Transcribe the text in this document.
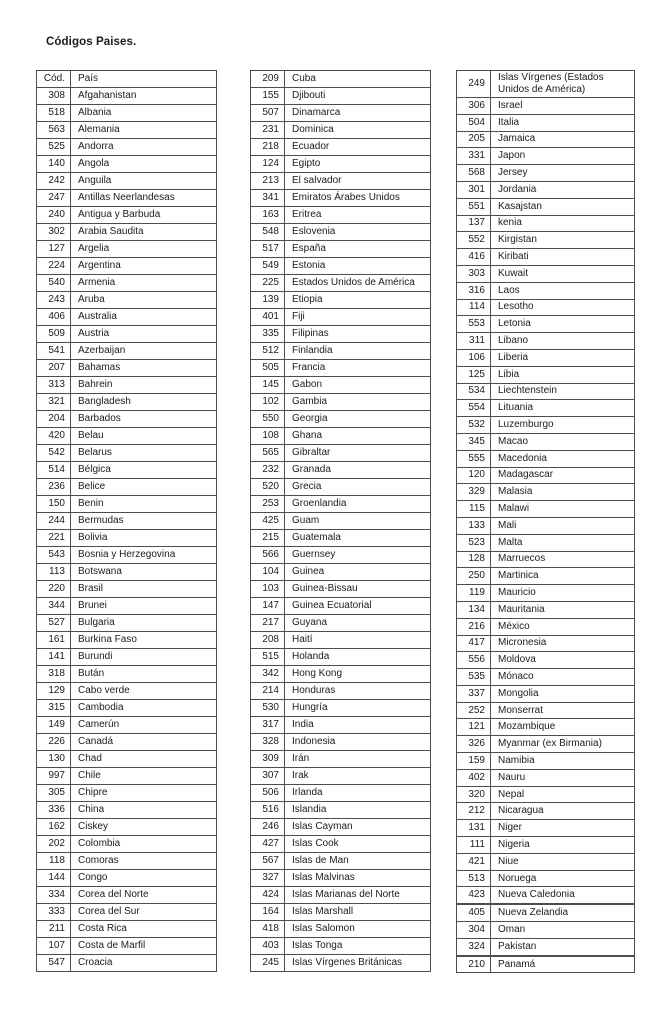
Códigos Paises.
Cód.	País
308	Afgahanistan
518	Albania
563	Alemania
525	Andorra
140	Angola
242	Anguila
247	Antillas Neerlandesas
240	Antigua y Barbuda
302	Arabia Saudita
127	Argelia
224	Argentina
540	Armenia
243	Aruba
406	Australia
509	Austria
541	Azerbaijan
207	Bahamas
313	Bahrein
321	Bangladesh
204	Barbados
420	Belau
542	Belarus
514	Bélgica
236	Belice
150	Benin
244	Bermudas
221	Bolivia
543	Bosnia y Herzegovina
113	Botswana
220	Brasil
344	Brunei
527	Bulgaria
161	Burkina Faso
141	Burundi
318	Bután
129	Cabo verde
315	Cambodia
149	Camerún
226	Canadá
130	Chad
997	Chile
305	Chipre
336	China
162	Ciskey
202	Colombia
118	Comoras
144	Congo
334	Corea del Norte
333	Corea del Sur
211	Costa Rica
107	Costa de Marfil
547	Croacia
209	Cuba
155	Djibouti
507	Dinamarca
231	Dominica
218	Ecuador
124	Egipto
213	El salvador
341	Emiratos Árabes Unidos
163	Eritrea
548	Eslovenia
517	España
549	Estonia
225	Estados Unidos de América
139	Etiopia
401	Fiji
335	Filipinas
512	Finlandia
505	Francia
145	Gabon
102	Gambia
550	Georgia
108	Ghana
565	Gibraltar
232	Granada
520	Grecia
253	Groenlandia
425	Guam
215	Guatemala
566	Guernsey
104	Guinea
103	Guinea-Bissau
147	Guinea Ecuatorial
217	Guyana
208	Haití
515	Holanda
342	Hong Kong
214	Honduras
530	Hungría
317	India
328	Indonesia
309	Irán
307	Irak
506	Irlanda
516	Islandia
246	Islas Cayman
427	Islas Cook
567	Islas de Man
327	Islas Malvinas
424	Islas Marianas del Norte
164	Islas Marshall
418	Islas Salomon
403	Islas Tonga
245	Islas Vírgenes Británicas
249	Islas Vírgenes (Estados Unidos de América)
306	Israel
504	Italia
205	Jamaica
331	Japon
568	Jersey
301	Jordania
551	Kasajstan
137	kenia
552	Kirgistan
416	Kiribati
303	Kuwait
316	Laos
114	Lesotho
553	Letonia
311	Libano
106	Liberia
125	Libia
534	Liechtenstein
554	Lituania
532	Luzemburgo
345	Macao
555	Macedonia
120	Madagascar
329	Malasia
115	Malawi
133	Mali
523	Malta
128	Marruecos
250	Martinica
119	Mauricio
134	Mauritania
216	México
417	Micronesia
556	Moldova
535	Mónaco
337	Mongolia
252	Monserrat
121	Mozambique
326	Myanmar (ex Birmania)
159	Namibia
402	Nauru
320	Nepal
212	Nicaragua
131	Niger
111	Nigeria
421	Niue
513	Noruega
423	Nueva Caledonia
405	Nueva Zelandia
304	Oman
324	Pakistan
210	Panamá
